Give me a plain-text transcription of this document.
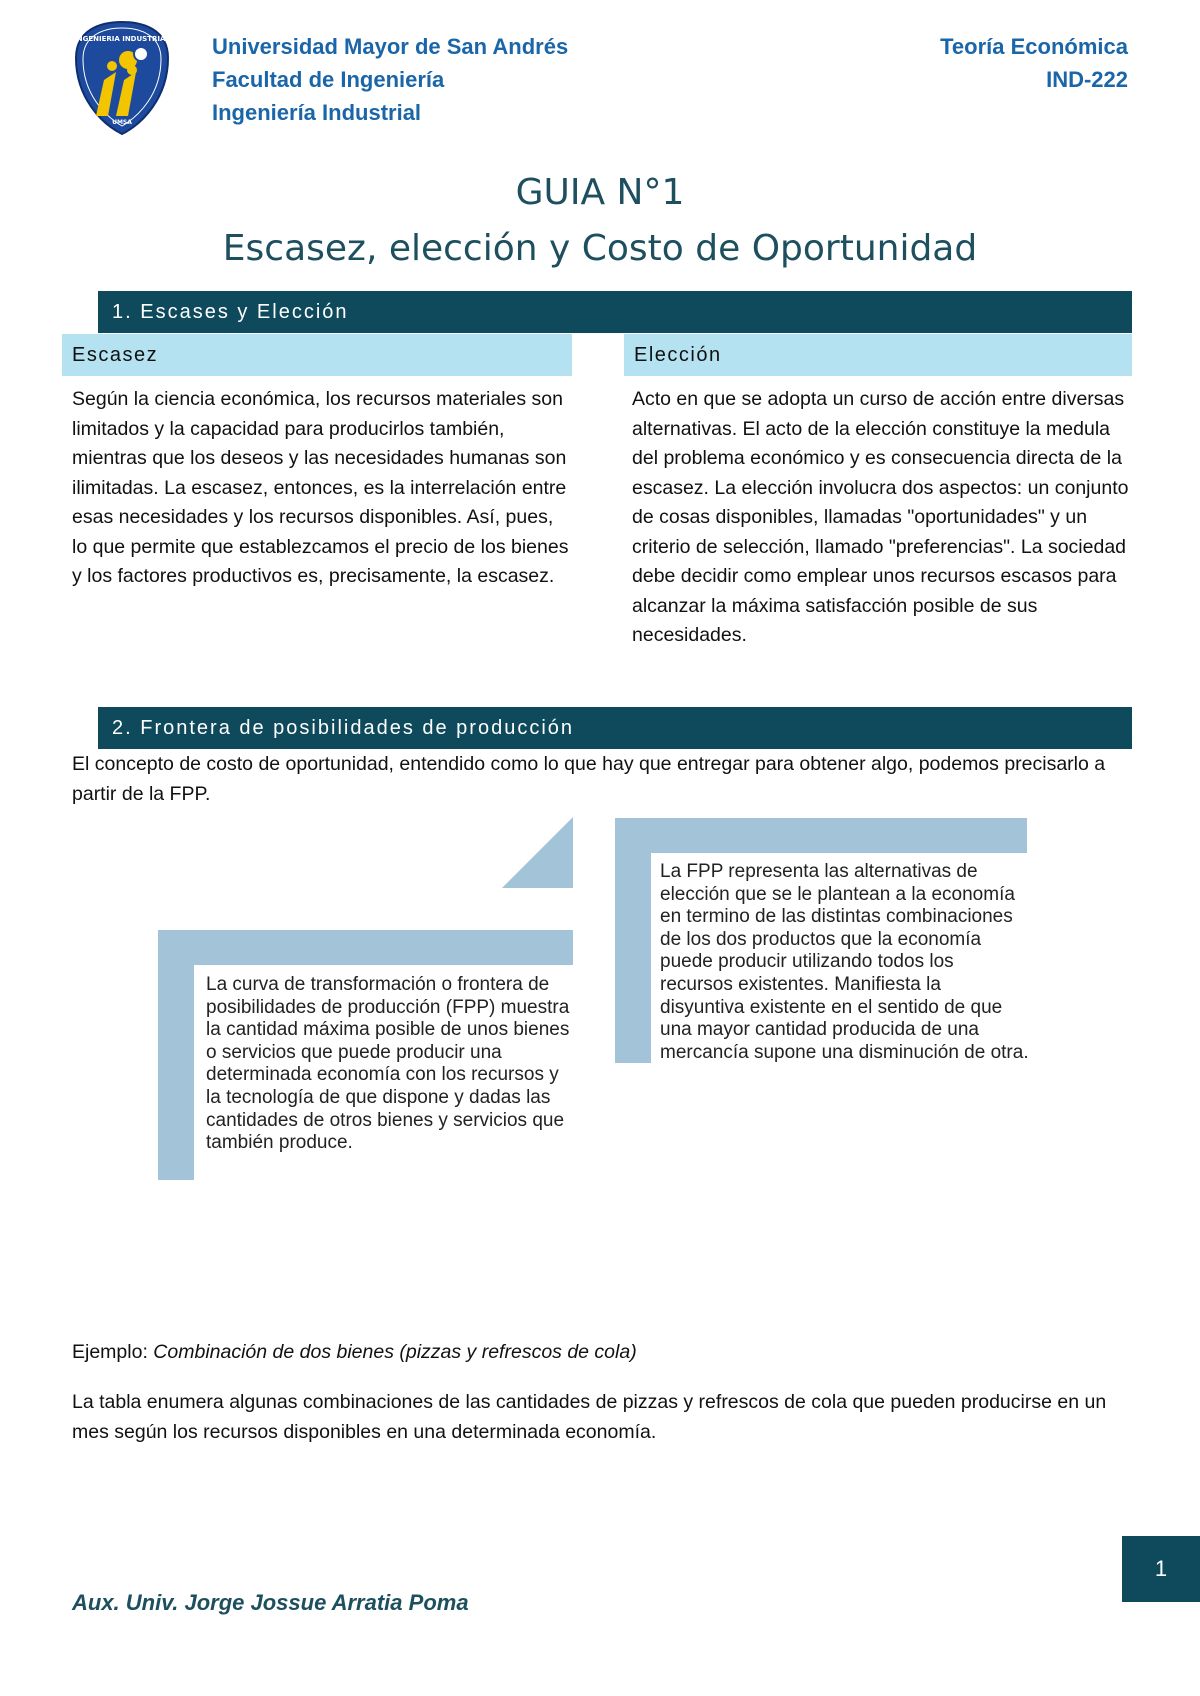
INGENIERIA INDUSTRIAL
UMSA
Universidad Mayor de San Andrés
Facultad de Ingeniería
Ingeniería Industrial
Teoría Económica
IND-222
GUIA N°1
Escasez, elección y Costo de Oportunidad
1. Escases y Elección
Escasez	Elección
Según la ciencia económica, los recursos materiales son limitados y la capacidad para producirlos también, mientras que los deseos y las necesidades humanas son ilimitadas. La escasez, entonces, es la interrelación entre esas necesidades y los recursos disponibles. Así, pues, lo que permite que establezcamos el precio de los bienes y los factores productivos es, precisamente, la escasez.
Acto en que se adopta un curso de acción entre diversas alternativas. El acto de la elección constituye la medula del problema económico y es consecuencia directa de la escasez. La elección involucra dos aspectos: un conjunto de cosas disponibles, llamadas "oportunidades" y un criterio de selección, llamado "preferencias". La sociedad debe decidir como emplear unos recursos escasos para alcanzar la máxima satisfacción posible de sus necesidades.
2. Frontera de posibilidades de producción
El concepto de costo de oportunidad, entendido como lo que hay que entregar para obtener algo, podemos precisarlo a partir de la FPP.
La curva de transformación o frontera de posibilidades de producción (FPP) muestra la cantidad máxima posible de unos bienes o servicios que puede producir una determinada economía con los recursos y la tecnología de que dispone y dadas las cantidades de otros bienes y servicios que también produce.
La FPP representa las alternativas de elección que se le plantean a la economía en termino de las distintas combinaciones de los dos productos que la economía puede producir utilizando todos los recursos existentes. Manifiesta la disyuntiva existente en el sentido de que una mayor cantidad producida de una mercancía supone una disminución de otra.
Ejemplo: Combinación de dos bienes (pizzas y refrescos de cola)
La tabla enumera algunas combinaciones de las cantidades de pizzas y refrescos de cola que pueden producirse en un mes según los recursos disponibles en una determinada economía.
1
Aux. Univ. Jorge Jossue Arratia Poma
